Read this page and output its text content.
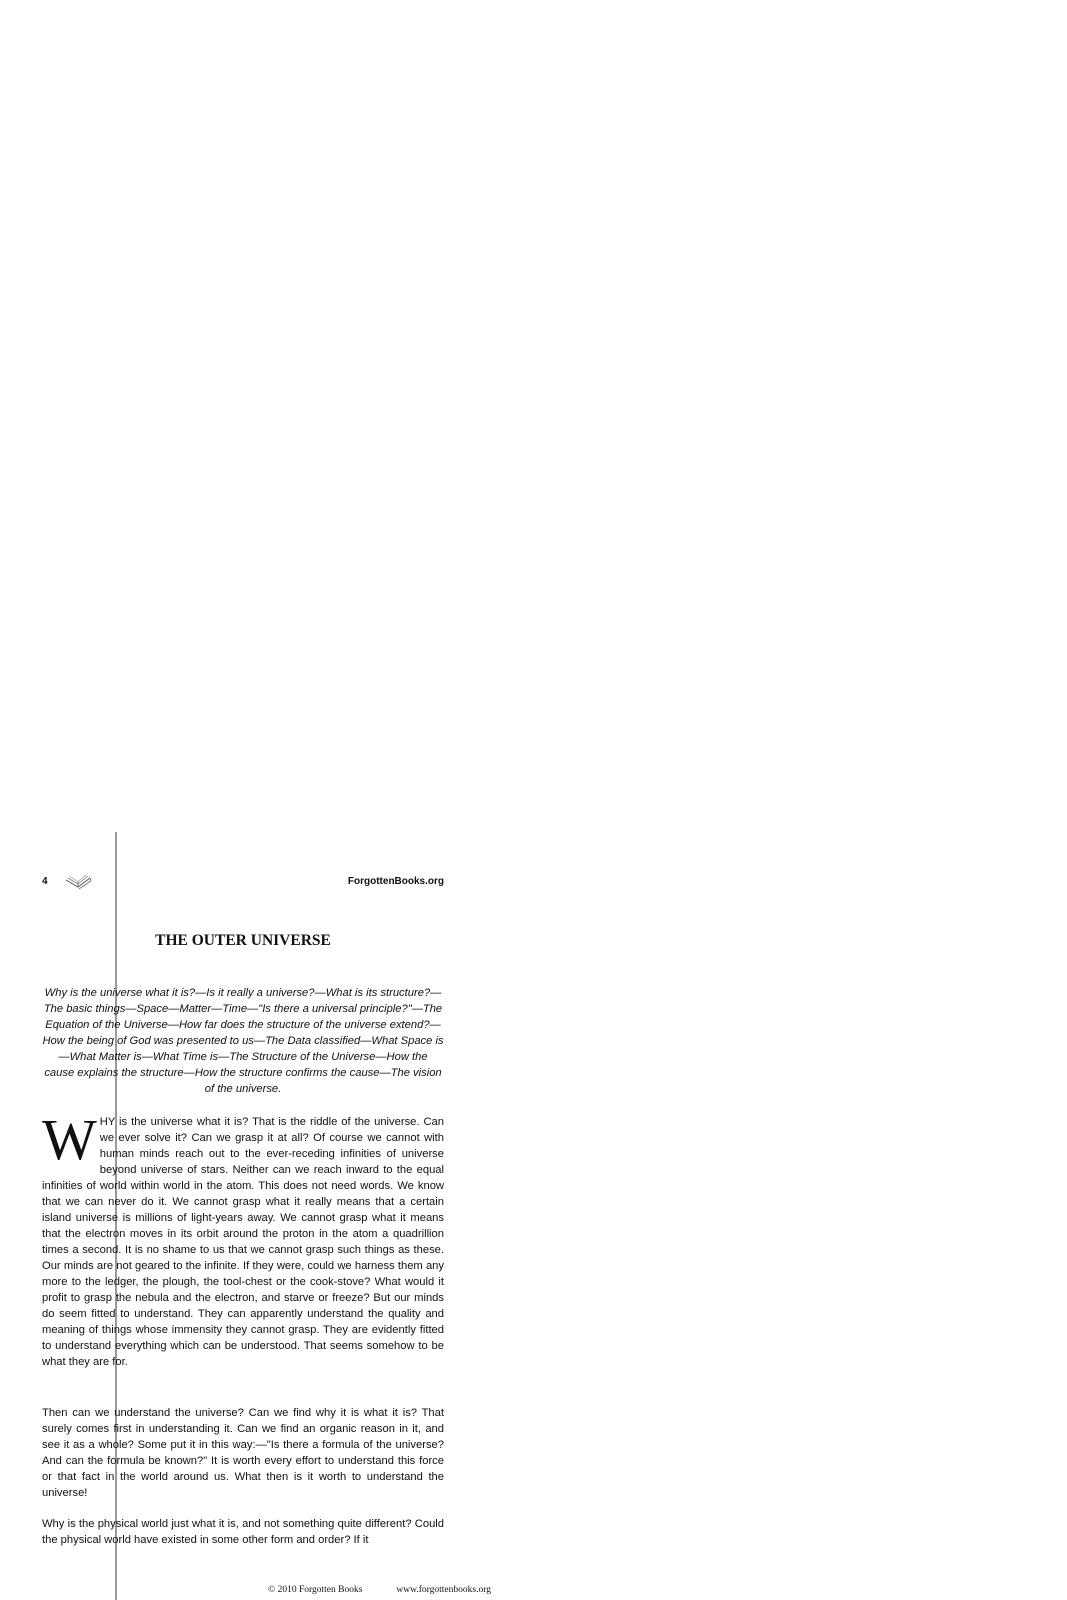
4	ForgottenBooks.org
THE OUTER UNIVERSE

Why is the universe what it is?—Is it really a universe?—What is its structure?—The basic things—Space—Matter—Time—"Is there a universal principle?"—The Equation of the Universe—How far does the structure of the universe extend?—How the being of God was presented to us—The Data classified—What Space is—What Matter is—What Time is—The Structure of the Universe—How the cause explains the structure—How the structure confirms the cause—The vision of the universe.

WHY is the universe what it is? That is the riddle of the universe. Can we ever solve it? Can we grasp it at all? Of course we cannot with human minds reach out to the ever-receding infinities of universe beyond universe of stars. Neither can we reach inward to the equal infinities of world within world in the atom. This does not need words. We know that we can never do it. We cannot grasp what it really means that a certain island universe is millions of light-years away. We cannot grasp what it means that the electron moves in its orbit around the proton in the atom a quadrillion times a second. It is no shame to us that we cannot grasp such things as these. Our minds are not geared to the infinite. If they were, could we harness them any more to the ledger, the plough, the tool-chest or the cook-stove? What would it profit to grasp the nebula and the electron, and starve or freeze? But our minds do seem fitted to understand. They can apparently understand the quality and meaning of things whose immensity they cannot grasp. They are evidently fitted to understand everything which can be understood. That seems somehow to be what they are for.

Then can we understand the universe? Can we find why it is what it is? That surely comes first in understanding it. Can we find an organic reason in it, and see it as a whole? Some put it in this way:—"Is there a formula of the universe? And can the formula be known?" It is worth every effort to understand this force or that fact in the world around us. What then is it worth to understand the universe!

Why is the physical world just what it is, and not something quite different? Could the physical world have existed in some other form and order? If it

© 2010 Forgotten Books	www.forgottenbooks.org
